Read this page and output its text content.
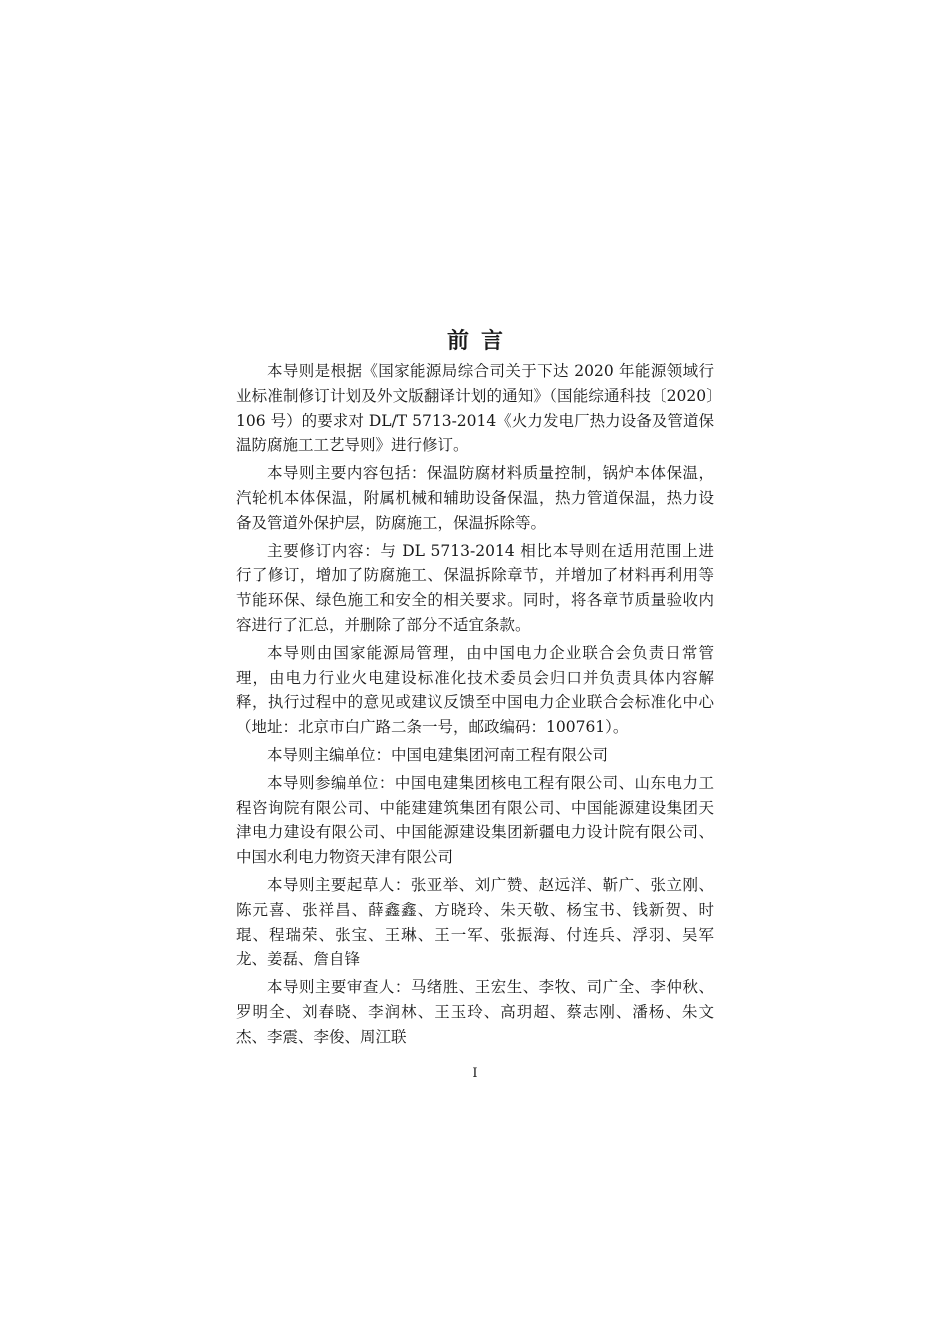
前言

本导则是根据《国家能源局综合司关于下达 2020 年能源领域行业标准制修订计划及外文版翻译计划的通知》（国能综通科技〔2020〕106 号）的要求对 DL/T 5713-2014《火力发电厂热力设备及管道保温防腐施工工艺导则》进行修订。

本导则主要内容包括：保温防腐材料质量控制，锅炉本体保温，汽轮机本体保温，附属机械和辅助设备保温，热力管道保温，热力设备及管道外保护层，防腐施工，保温拆除等。

主要修订内容：与 DL 5713-2014 相比本导则在适用范围上进行了修订，增加了防腐施工、保温拆除章节，并增加了材料再利用等节能环保、绿色施工和安全的相关要求。同时，将各章节质量验收内容进行了汇总，并删除了部分不适宜条款。

本导则由国家能源局管理，由中国电力企业联合会负责日常管理，由电力行业火电建设标准化技术委员会归口并负责具体内容解释，执行过程中的意见或建议反馈至中国电力企业联合会标准化中心（地址：北京市白广路二条一号，邮政编码：100761）。

本导则主编单位：中国电建集团河南工程有限公司

本导则参编单位：中国电建集团核电工程有限公司、山东电力工程咨询院有限公司、中能建建筑集团有限公司、中国能源建设集团天津电力建设有限公司、中国能源建设集团新疆电力设计院有限公司、中国水利电力物资天津有限公司

本导则主要起草人：张亚举、刘广赞、赵远洋、靳广、张立刚、陈元喜、张祥昌、薛鑫鑫、方晓玲、朱天敬、杨宝书、钱新贺、时琨、程瑞荣、张宝、王琳、王一军、张振海、付连兵、浮羽、吴军龙、姜磊、詹自锋

本导则主要审查人：马绪胜、王宏生、李牧、司广全、李仲秋、罗明全、刘春晓、李润林、王玉玲、高玥超、蔡志刚、潘杨、朱文杰、李震、李俊、周江联

I
